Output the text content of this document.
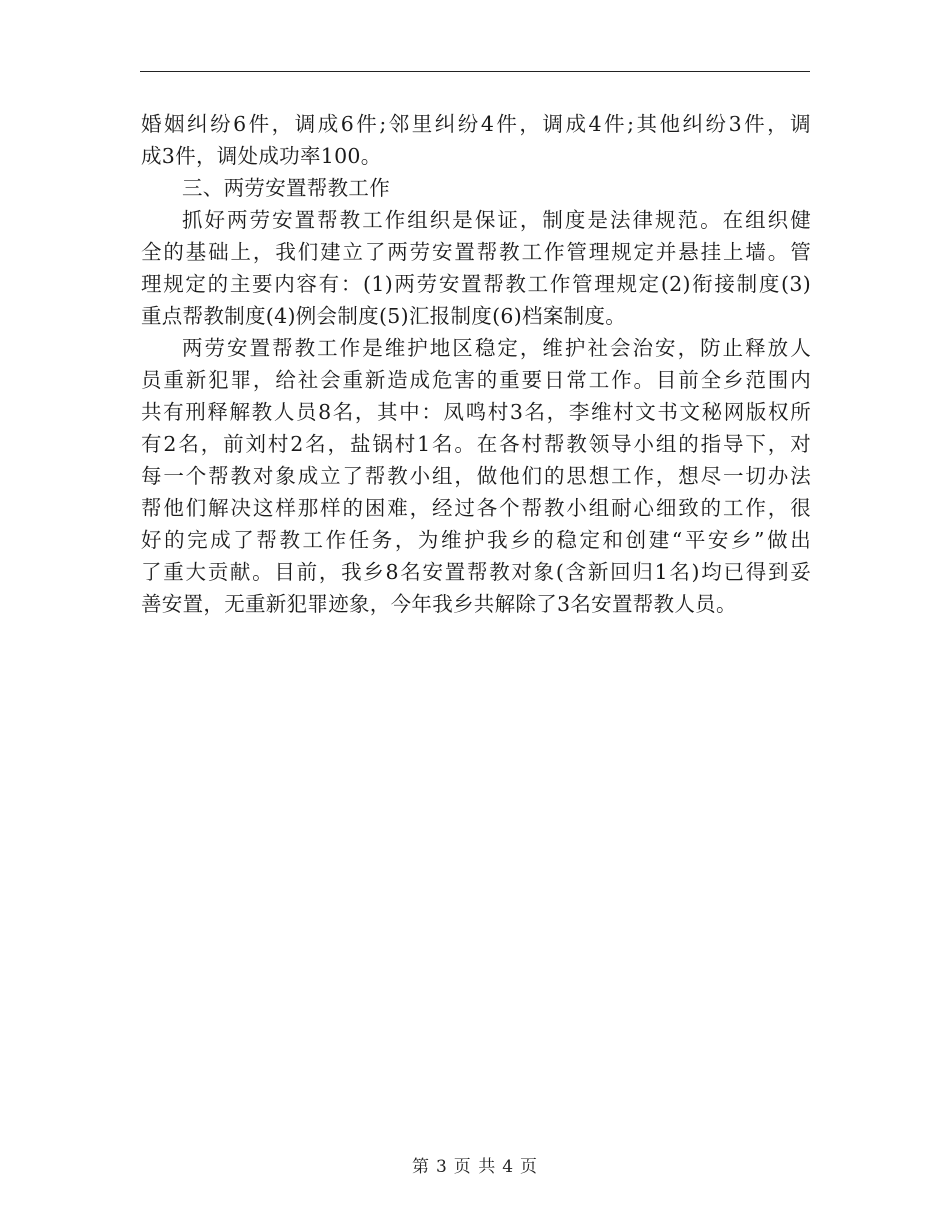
婚姻纠纷6件，调成6件;邻里纠纷4件，调成4件;其他纠纷3件，调
成3件，调处成功率100。

三、两劳安置帮教工作

抓好两劳安置帮教工作组织是保证，制度是法律规范。在组织健
全的基础上，我们建立了两劳安置帮教工作管理规定并悬挂上墙。管
理规定的主要内容有：(1)两劳安置帮教工作管理规定(2)衔接制度(3)
重点帮教制度(4)例会制度(5)汇报制度(6)档案制度。

两劳安置帮教工作是维护地区稳定，维护社会治安，防止释放人
员重新犯罪，给社会重新造成危害的重要日常工作。目前全乡范围内
共有刑释解教人员8名，其中：凤鸣村3名，李维村文书文秘网版权所
有2名，前刘村2名，盐锅村1名。在各村帮教领导小组的指导下，对
每一个帮教对象成立了帮教小组，做他们的思想工作，想尽一切办法
帮他们解决这样那样的困难，经过各个帮教小组耐心细致的工作，很
好的完成了帮教工作任务，为维护我乡的稳定和创建“平安乡”做出
了重大贡献。目前，我乡8名安置帮教对象(含新回归1名)均已得到妥
善安置，无重新犯罪迹象，今年我乡共解除了3名安置帮教人员。

第 3 页 共 4 页
